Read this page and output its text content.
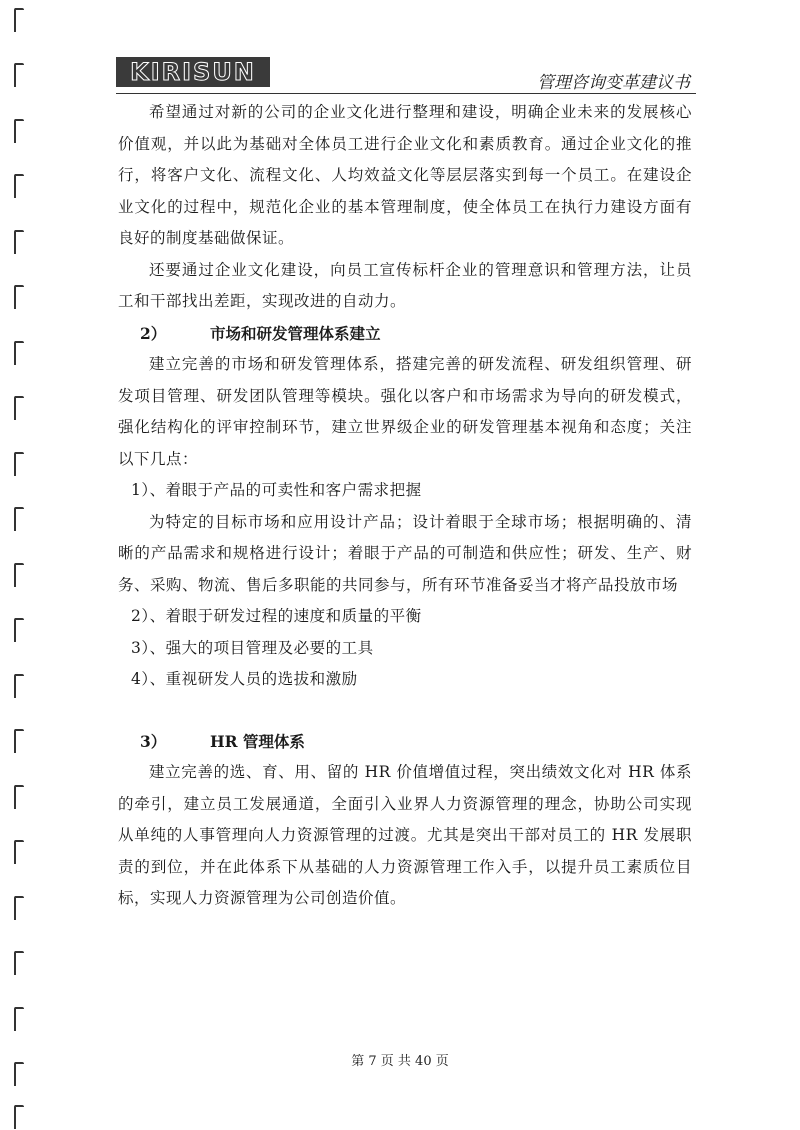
KIRISUN	管理咨询变革建议书

希望通过对新的公司的企业文化进行整理和建设，明确企业未来的发展核心价值观，并以此为基础对全体员工进行企业文化和素质教育。通过企业文化的推行，将客户文化、流程文化、人均效益文化等层层落实到每一个员工。在建设企业文化的过程中，规范化企业的基本管理制度，使全体员工在执行力建设方面有良好的制度基础做保证。

还要通过企业文化建设，向员工宣传标杆企业的管理意识和管理方法，让员工和干部找出差距，实现改进的自动力。

2）	市场和研发管理体系建立

建立完善的市场和研发管理体系，搭建完善的研发流程、研发组织管理、研发项目管理、研发团队管理等模块。强化以客户和市场需求为导向的研发模式，强化结构化的评审控制环节，建立世界级企业的研发管理基本视角和态度；关注以下几点：

1）、着眼于产品的可卖性和客户需求把握

为特定的目标市场和应用设计产品；设计着眼于全球市场；根据明确的、清晰的产品需求和规格进行设计；着眼于产品的可制造和供应性；研发、生产、财务、采购、物流、售后多职能的共同参与，所有环节准备妥当才将产品投放市场

2）、着眼于研发过程的速度和质量的平衡

3）、强大的项目管理及必要的工具

4）、重视研发人员的选拔和激励

3）	HR 管理体系

建立完善的选、育、用、留的 HR 价值增值过程，突出绩效文化对 HR 体系的牵引，建立员工发展通道，全面引入业界人力资源管理的理念，协助公司实现从单纯的人事管理向人力资源管理的过渡。尤其是突出干部对员工的 HR 发展职责的到位，并在此体系下从基础的人力资源管理工作入手，以提升员工素质位目标，实现人力资源管理为公司创造价值。

第 7 页 共 40 页
